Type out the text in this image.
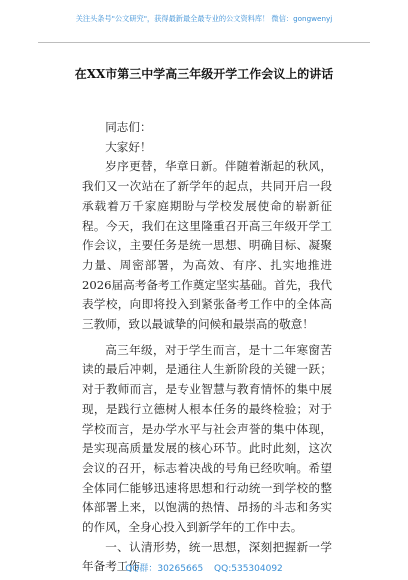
关注头条号"公文研究"，获得最新最全最专业的公文资料库！ 微信：gongwenyj
在XX市第三中学高三年级开学工作会议上的讲话

同志们：

大家好！

岁序更替，华章日新。伴随着渐起的秋风，我们又一次站在了新学年的起点，共同开启一段承载着万千家庭期盼与学校发展使命的崭新征程。今天，我们在这里隆重召开高三年级开学工作会议，主要任务是统一思想、明确目标、凝聚力量、周密部署，为高效、有序、扎实地推进2026届高考备考工作奠定坚实基础。首先，我代表学校，向即将投入到紧张备考工作中的全体高三教师，致以最诚挚的问候和最崇高的敬意！

高三年级，对于学生而言，是十二年寒窗苦读的最后冲刺，是通往人生新阶段的关键一跃；对于教师而言，是专业智慧与教育情怀的集中展现，是践行立德树人根本任务的最终检验；对于学校而言，是办学水平与社会声誉的集中体现，是实现高质量发展的核心环节。此时此刻，这次会议的召开，标志着决战的号角已经吹响。希望全体同仁能够迅速将思想和行动统一到学校的整体部署上来，以饱满的热情、昂扬的斗志和务实的作风，全身心投入到新学年的工作中去。

一、认清形势，统一思想，深刻把握新一学年备考工作

QQ群：30265665 QQ:535304092
